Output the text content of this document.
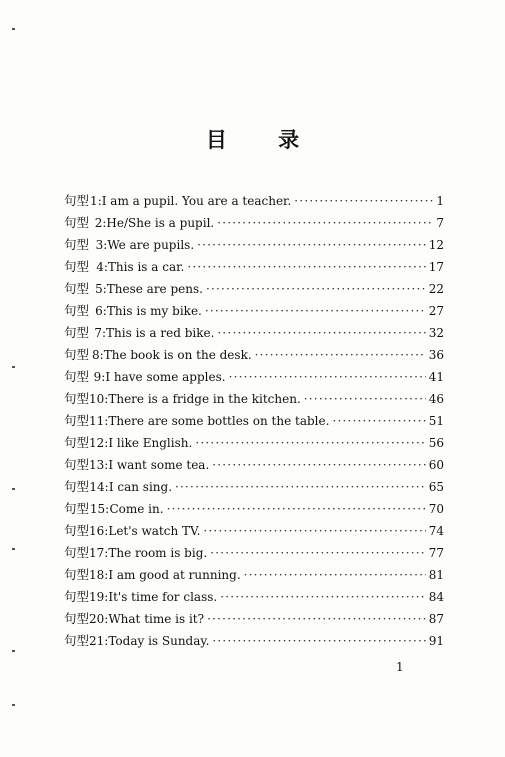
目 录
句型 1 : I am a pupil. You are a teacher. ·····	1
句型 2 : He/She is a pupil. ·····	7
句型 3 : We are pupils. ·····	12
句型 4 : This is a car. ·····	17
句型 5 : These are pens. ·····	22
句型 6 : This is my bike. ·····	27
句型 7 : This is a red bike. ·····	32
句型 8 : The book is on the desk. ·····	36
句型 9 : I have some apples. ·····	41
句型 10 : There is a fridge in the kitchen. ·····	46
句型 11 : There are some bottles on the table. ·····	51
句型 12 : I like English. ·····	56
句型 13 : I want some tea. ·····	60
句型 14 : I can sing. ·····	65
句型 15 : Come in. ·····	70
句型 16 : Let's watch TV. ·····	74
句型 17 : The room is big. ·····	77
句型 18 : I am good at running. ·····	81
句型 19 : It's time for class. ·····	84
句型 20 : What time is it? ·····	87
句型 21 : Today is Sunday. ·····	91
1
